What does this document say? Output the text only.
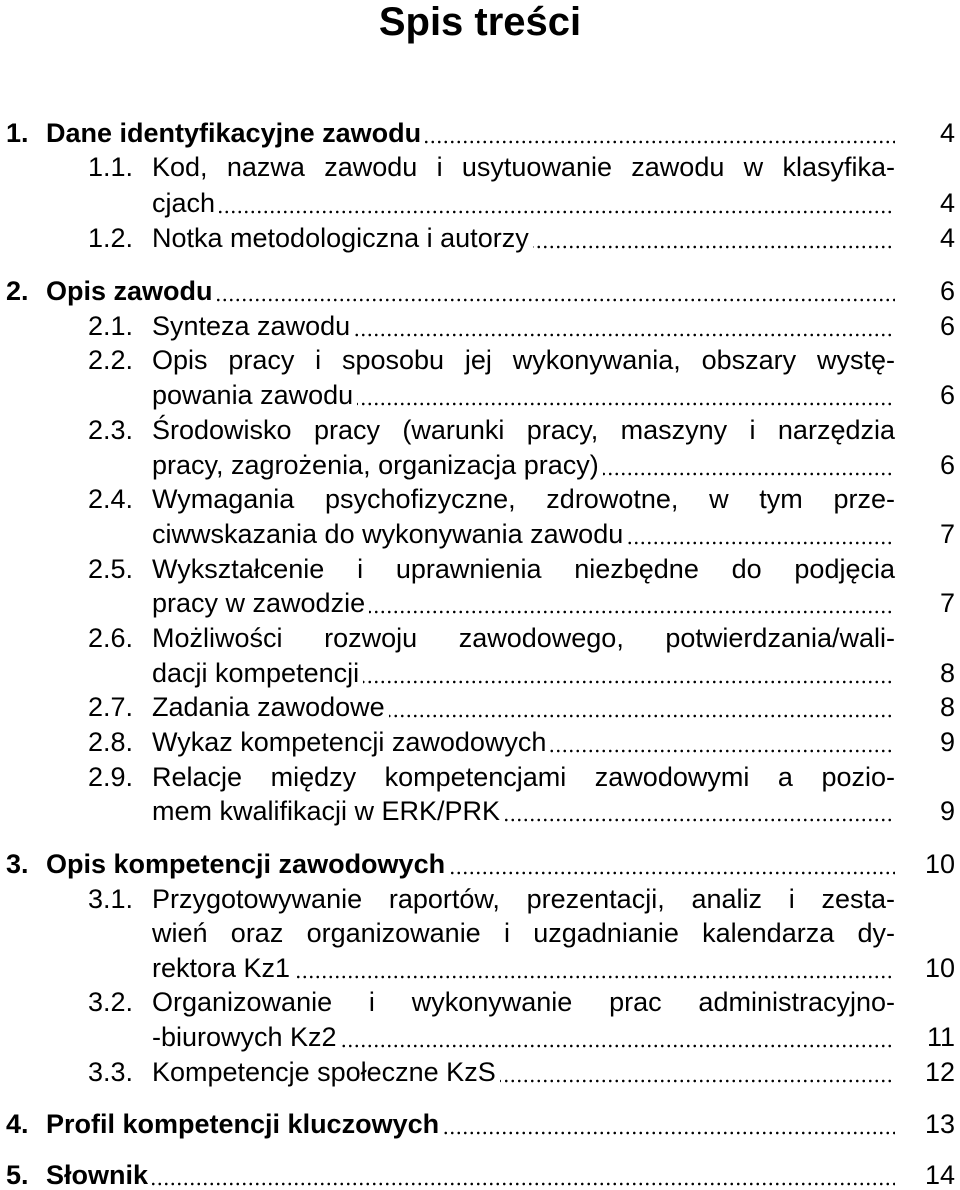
Spis treści
1. Dane identyfikacyjne zawodu	4
1.1. Kod, nazwa zawodu i usytuowanie zawodu w klasyfika-
cjach	4
1.2. Notka metodologiczna i autorzy	4
2. Opis zawodu	6
2.1. Synteza zawodu	6
2.2. Opis pracy i sposobu jej wykonywania, obszary wystę-
powania zawodu	6
2.3. Środowisko pracy (warunki pracy, maszyny i narzędzia
pracy, zagrożenia, organizacja pracy)	6
2.4. Wymagania psychofizyczne, zdrowotne, w tym prze-
ciwwskazania do wykonywania zawodu	7
2.5. Wykształcenie i uprawnienia niezbędne do podjęcia
pracy w zawodzie	7
2.6. Możliwości rozwoju zawodowego, potwierdzania/wali-
dacji kompetencji	8
2.7. Zadania zawodowe	8
2.8. Wykaz kompetencji zawodowych	9
2.9. Relacje między kompetencjami zawodowymi a pozio-
mem kwalifikacji w ERK/PRK	9
3. Opis kompetencji zawodowych	10
3.1. Przygotowywanie raportów, prezentacji, analiz i zesta-
wień oraz organizowanie i uzgadnianie kalendarza dy-
rektora Kz1	10
3.2. Organizowanie i wykonywanie prac administracyjno-
-biurowych Kz2	11
3.3. Kompetencje społeczne KzS	12
4. Profil kompetencji kluczowych	13
5. Słownik	14
